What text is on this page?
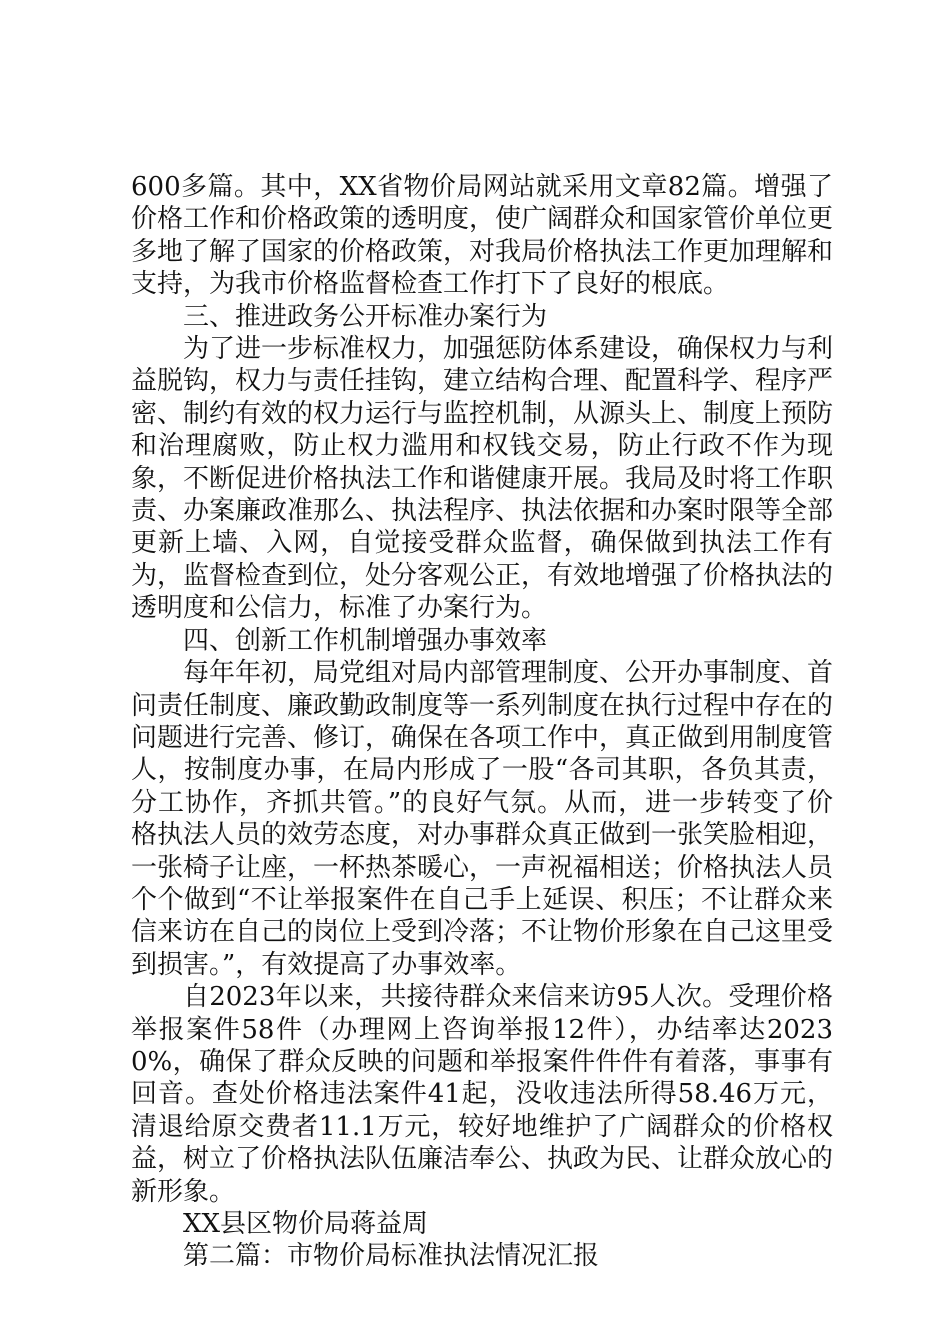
600多篇。其中，XX省物价局网站就采用文章82篇。增强了价格工作和价格政策的透明度，使广阔群众和国家管价单位更多地了解了国家的价格政策，对我局价格执法工作更加理解和支持，为我市价格监督检查工作打下了良好的根底。

三、推进政务公开标准办案行为

为了进一步标准权力，加强惩防体系建设，确保权力与利益脱钩，权力与责任挂钩，建立结构合理、配置科学、程序严密、制约有效的权力运行与监控机制，从源头上、制度上预防和治理腐败，防止权力滥用和权钱交易，防止行政不作为现象，不断促进价格执法工作和谐健康开展。我局及时将工作职责、办案廉政准那么、执法程序、执法依据和办案时限等全部更新上墙、入网，自觉接受群众监督，确保做到执法工作有为，监督检查到位，处分客观公正，有效地增强了价格执法的透明度和公信力，标准了办案行为。

四、创新工作机制增强办事效率

每年年初，局党组对局内部管理制度、公开办事制度、首问责任制度、廉政勤政制度等一系列制度在执行过程中存在的问题进行完善、修订，确保在各项工作中，真正做到用制度管人，按制度办事，在局内形成了一股“各司其职，各负其责，分工协作，齐抓共管。”的良好气氛。从而，进一步转变了价格执法人员的效劳态度，对办事群众真正做到一张笑脸相迎，一张椅子让座，一杯热茶暖心，一声祝福相送；价格执法人员个个做到“不让举报案件在自己手上延误、积压；不让群众来信来访在自己的岗位上受到冷落；不让物价形象在自己这里受到损害。”，有效提高了办事效率。

自2023年以来，共接待群众来信来访95人次。受理价格举报案件58件（办理网上咨询举报12件），办结率达20230%，确保了群众反映的问题和举报案件件件有着落，事事有回音。查处价格违法案件41起，没收违法所得58.46万元，清退给原交费者11.1万元，较好地维护了广阔群众的价格权益，树立了价格执法队伍廉洁奉公、执政为民、让群众放心的新形象。

XX县区物价局蒋益周

第二篇：市物价局标准执法情况汇报
